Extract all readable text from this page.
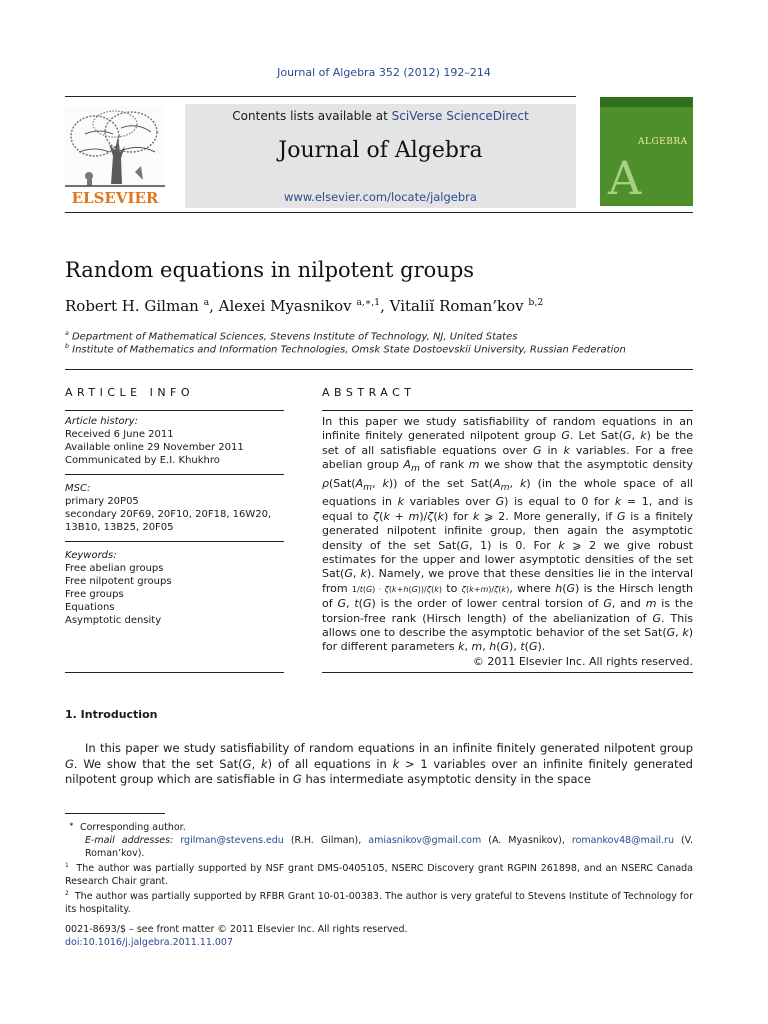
Journal of Algebra 352 (2012) 192–214
ELSEVIER
Contents lists available at SciVerse ScienceDirect
Journal of Algebra
www.elsevier.com/locate/jalgebra
ALGEBRA
A
Random equations in nilpotent groups
Robert H. Gilman $^a$, Alexei Myasnikov $^{a,∗,1}$, Vitaliĭ Roman’kov $^{b,2}$
$^a$ Department of Mathematical Sciences, Stevens Institute of Technology, NJ, United States
$^b$ Institute of Mathematics and Information Technologies, Omsk State Dostoevskii University, Russian Federation
ARTICLE INFO
Article history:
Received 6 June 2011
Available online 29 November 2011
Communicated by E.I. Khukhro
MSC:
primary 20P05
secondary 20F69, 20F10, 20F18, 16W20,
13B10, 13B25, 20F05
Keywords:
Free abelian groups
Free nilpotent groups
Free groups
Equations
Asymptotic density
ABSTRACT
In this paper we study satisfiability of random equations in an infinite finitely generated nilpotent group G. Let Sat(G, k) be the set of all satisfiable equations over G in k variables. For a free abelian group $A_m$ of rank m we show that the asymptotic density $\rho(Sat(A_m$, k)) of the set $Sat(A_m$, k) (in the whole space of all equations in k variables over G) is equal to 0 for k = 1, and is equal to ζ(k + m)/ζ(k) for k ⩾ 2. More generally, if G is a finitely generated nilpotent infinite group, then again the asymptotic density of the set Sat(G, 1) is 0. For k ⩾ 2 we give robust estimates for the upper and lower asymptotic densities of the set Sat(G, k). Namely, we prove that these densities lie in the interval from 1/t(G) · ζ(k+h(G))/ζ(k) to ζ(k+m)/ζ(k), where h(G) is the Hirsch length of G, t(G) is the order of lower central torsion of G, and m is the torsion-free rank (Hirsch length) of the abelianization of G. This allows one to describe the asymptotic behavior of the set Sat(G, k) for different parameters k, m, h(G), t(G).
© 2011 Elsevier Inc. All rights reserved.
1. Introduction
In this paper we study satisfiability of random equations in an infinite finitely generated nilpotent group G. We show that the set Sat(G, k) of all equations in k > 1 variables over an infinite finitely generated nilpotent group which are satisfiable in G has intermediate asymptotic density in the space
∗ Corresponding author.
E-mail addresses: rgilman@stevens.edu (R.H. Gilman), amiasnikov@gmail.com (A. Myasnikov), romankov48@mail.ru (V. Roman’kov).
$^1$ The author was partially supported by NSF grant DMS-0405105, NSERC Discovery grant RGPIN 261898, and an NSERC Canada Research Chair grant.
$^2$ The author was partially supported by RFBR Grant 10-01-00383. The author is very grateful to Stevens Institute of Technology for its hospitality.
0021-8693/$ – see front matter © 2011 Elsevier Inc. All rights reserved.
doi:10.1016/j.jalgebra.2011.11.007
